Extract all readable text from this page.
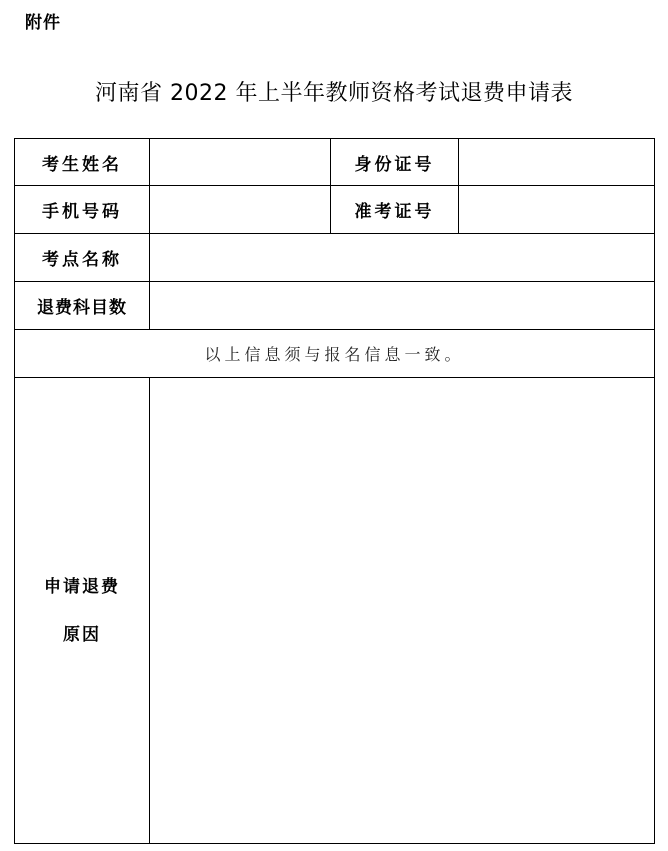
附件
河南省 2022 年上半年教师资格考试退费申请表
考生姓名		身份证号	
手机号码		准考证号	
考点名称			
退费科目数			
以上信息须与报名信息一致。			

申请退费
原因			
